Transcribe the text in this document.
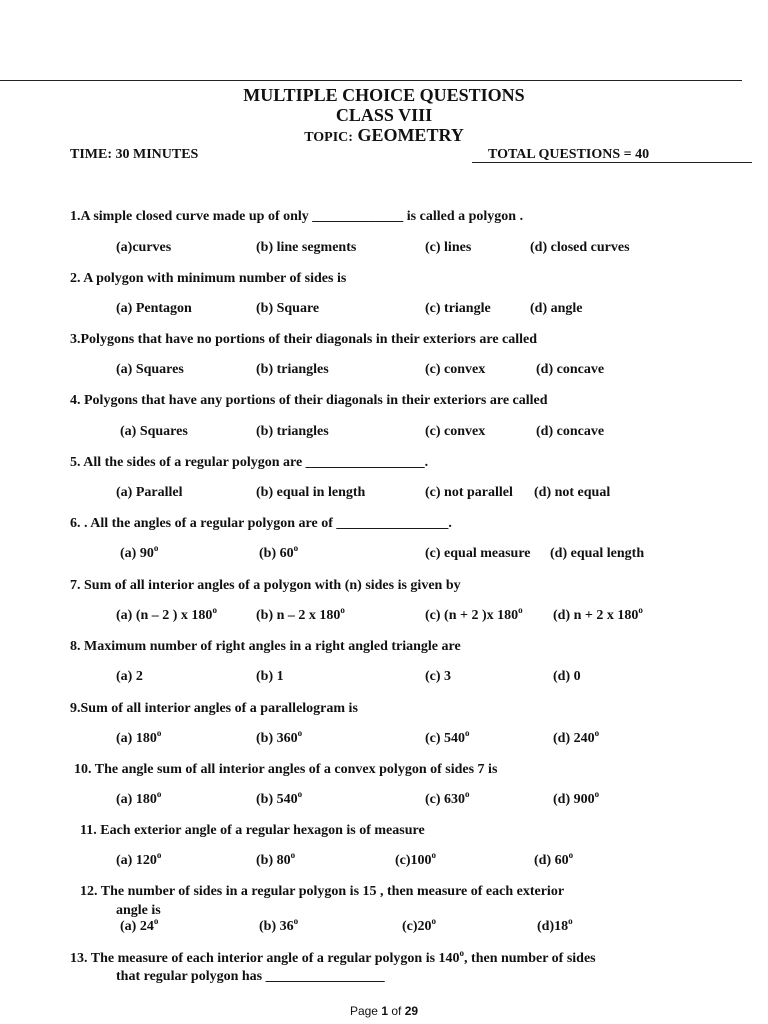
MULTIPLE CHOICE QUESTIONS
CLASS VIII
TOPIC: GEOMETRY
TIME: 30 MINUTES	TOTAL QUESTIONS = 40
1.A simple closed curve made up of only _____________ is called a polygon .
(a)curves	(b) line segments	(c) lines	(d) closed curves
2. A polygon with minimum number of sides is
(a) Pentagon	(b) Square	(c) triangle	(d) angle
3.Polygons that have no portions of their diagonals in their exteriors are called
(a) Squares	(b) triangles	(c) convex	(d) concave
4. Polygons that have any portions of their diagonals in their exteriors are called
(a) Squares	(b) triangles	(c) convex	(d) concave
5. All the sides of a regular polygon are _________________.
(a) Parallel	(b) equal in length	(c) not parallel (d) not equal
6. . All the angles of a regular polygon are of ________________.
(a) 90$^o$	(b) 60$^o$	(c) equal measure (d) equal length
7. Sum of all interior angles of a polygon with (n) sides is given by
(a) (n – 2 ) x 180$^o$	(b) n – 2 x 180$^o$	(c) (n + 2 )x 180$^o$ (d) n + 2 x 180$^o$
8. Maximum number of right angles in a right angled triangle are
(a) 2	(b) 1	(c) 3	(d) 0
9.Sum of all interior angles of a parallelogram is
(a) 180$^o$	(b) 360$^o$	(c) 540$^o$	(d) 240$^o$
10. The angle sum of all interior angles of a convex polygon of sides 7 is
(a) 180$^o$	(b) 540$^o$	(c) 630$^o$	(d) 900$^o$
11. Each exterior angle of a regular hexagon is of measure
(a) 120$^o$	(b) 80$^o$	(c)100$^o$	(d) 60$^o$
12. The number of sides in a regular polygon is 15 , then measure of each exterior
angle is
(a) 24$^o$	(b) 36$^o$	(c)20$^o$	(d)18$^o$
13. The measure of each interior angle of a regular polygon is 140$^o$, then number of sides
that regular polygon has _________________
Page 1 of 29
